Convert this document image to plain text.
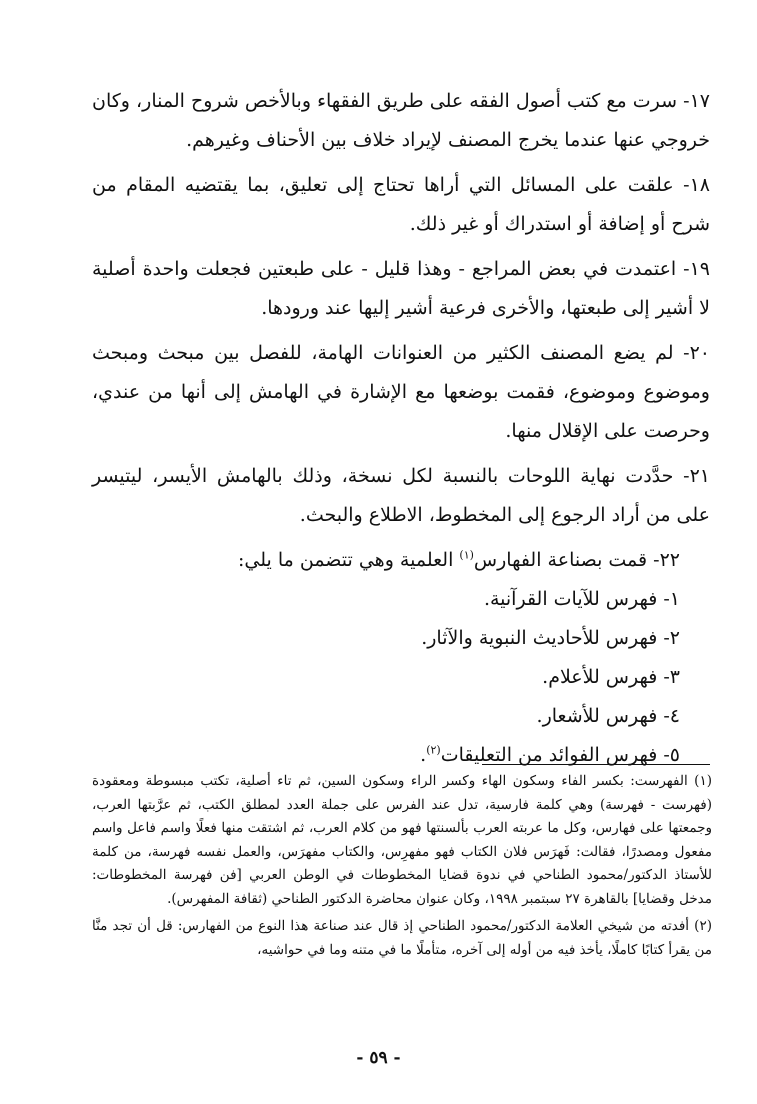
١٧- سرت مع كتب أصول الفقه على طريق الفقهاء وبالأخص شروح المنار، وكان خروجي عنها عندما يخرج المصنف لإيراد خلاف بين الأحناف وغيرهم.

١٨- علقت على المسائل التي أراها تحتاج إلى تعليق، بما يقتضيه المقام من شرح أو إضافة أو استدراك أو غير ذلك.

١٩- اعتمدت في بعض المراجع - وهذا قليل - على طبعتين فجعلت واحدة أصلية لا أشير إلى طبعتها، والأخرى فرعية أشير إليها عند ورودها.

٢٠- لم يضع المصنف الكثير من العنوانات الهامة، للفصل بين مبحث ومبحث وموضوع وموضوع، فقمت بوضعها مع الإشارة في الهامش إلى أنها من عندي، وحرصت على الإقلال منها.

٢١- حدَّدت نهاية اللوحات بالنسبة لكل نسخة، وذلك بالهامش الأيسر، ليتيسر على من أراد الرجوع إلى المخطوط، الاطلاع والبحث.

٢٢- قمت بصناعة الفهارس$^{(١)}$ العلمية وهي تتضمن ما يلي:

١- فهرس للآيات القرآنية.

٢- فهرس للأحاديث النبوية والآثار.

٣- فهرس للأعلام.

٤- فهرس للأشعار.

٥- فهرس الفوائد من التعليقات$^{(٢)}$.

(١) الفهرست: بكسر الفاء وسكون الهاء وكسر الراء وسكون السين، ثم تاء أصلية، تكتب مبسوطة ومعقودة (فهرست - فهرسة) وهي كلمة فارسية، تدل عند الفرس على جملة العدد لمطلق الكتب، ثم عرَّبتها العرب، وجمعتها على فهارس، وكل ما عربته العرب بألسنتها فهو من كلام العرب، ثم اشتقت منها فعلًا واسم فاعل واسم مفعول ومصدرًا، فقالت: فَهرَس فلان الكتاب فهو مفهرِس، والكتاب مفهرَس، والعمل نفسه فهرسة، من كلمة للأستاذ الدكتور/محمود الطناحي في ندوة قضايا المخطوطات في الوطن العربي [فن فهرسة المخطوطات: مدخل وقضايا] بالقاهرة ٢٧ سبتمبر ١٩٩٨، وكان عنوان محاضرة الدكتور الطناحي (ثقافة المفهرس).

(٢) أفدته من شيخي العلامة الدكتور/محمود الطناحي إذ قال عند صناعة هذا النوع من الفهارس: قل أن تجد منَّا من يقرأ كتابًا كاملًا، يأخذ فيه من أوله إلى آخره، متأملًا ما في متنه وما في حواشيه،

- ٥٩ -
